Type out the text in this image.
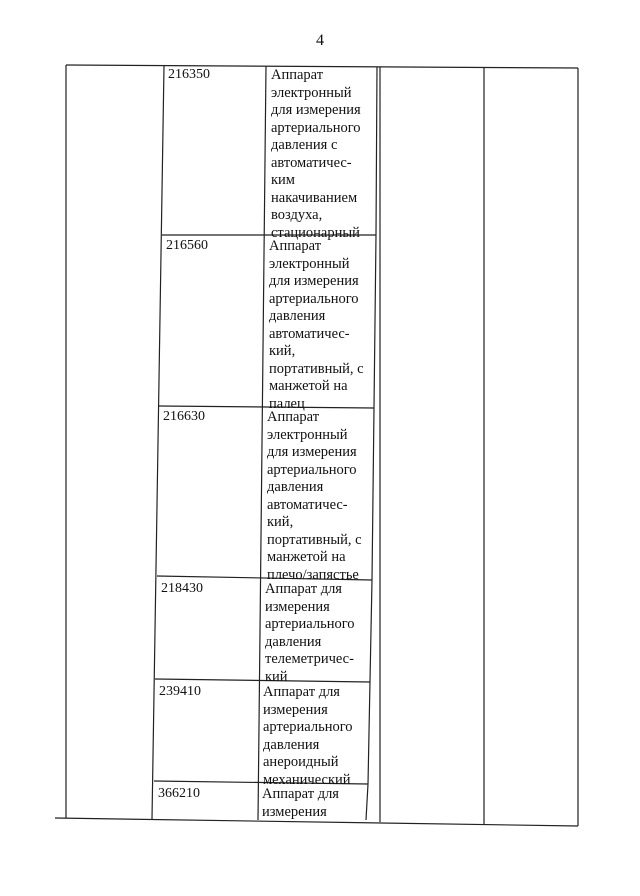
4
216350	Аппарат
электронный
для измерения
артериального
давления с
автоматичес-
ким
накачиванием
воздуха,
стационарный
216560	Аппарат
электронный
для измерения
артериального
давления
автоматичес-
кий,
портативный, с
манжетой на
палец
216630	Аппарат
электронный
для измерения
артериального
давления
автоматичес-
кий,
портативный, с
манжетой на
плечо/запястье
218430	Аппарат для
измерения
артериального
давления
телеметричес-
кий
239410	Аппарат для
измерения
артериального
давления
анероидный
механический
366210	Аппарат для
измерения
